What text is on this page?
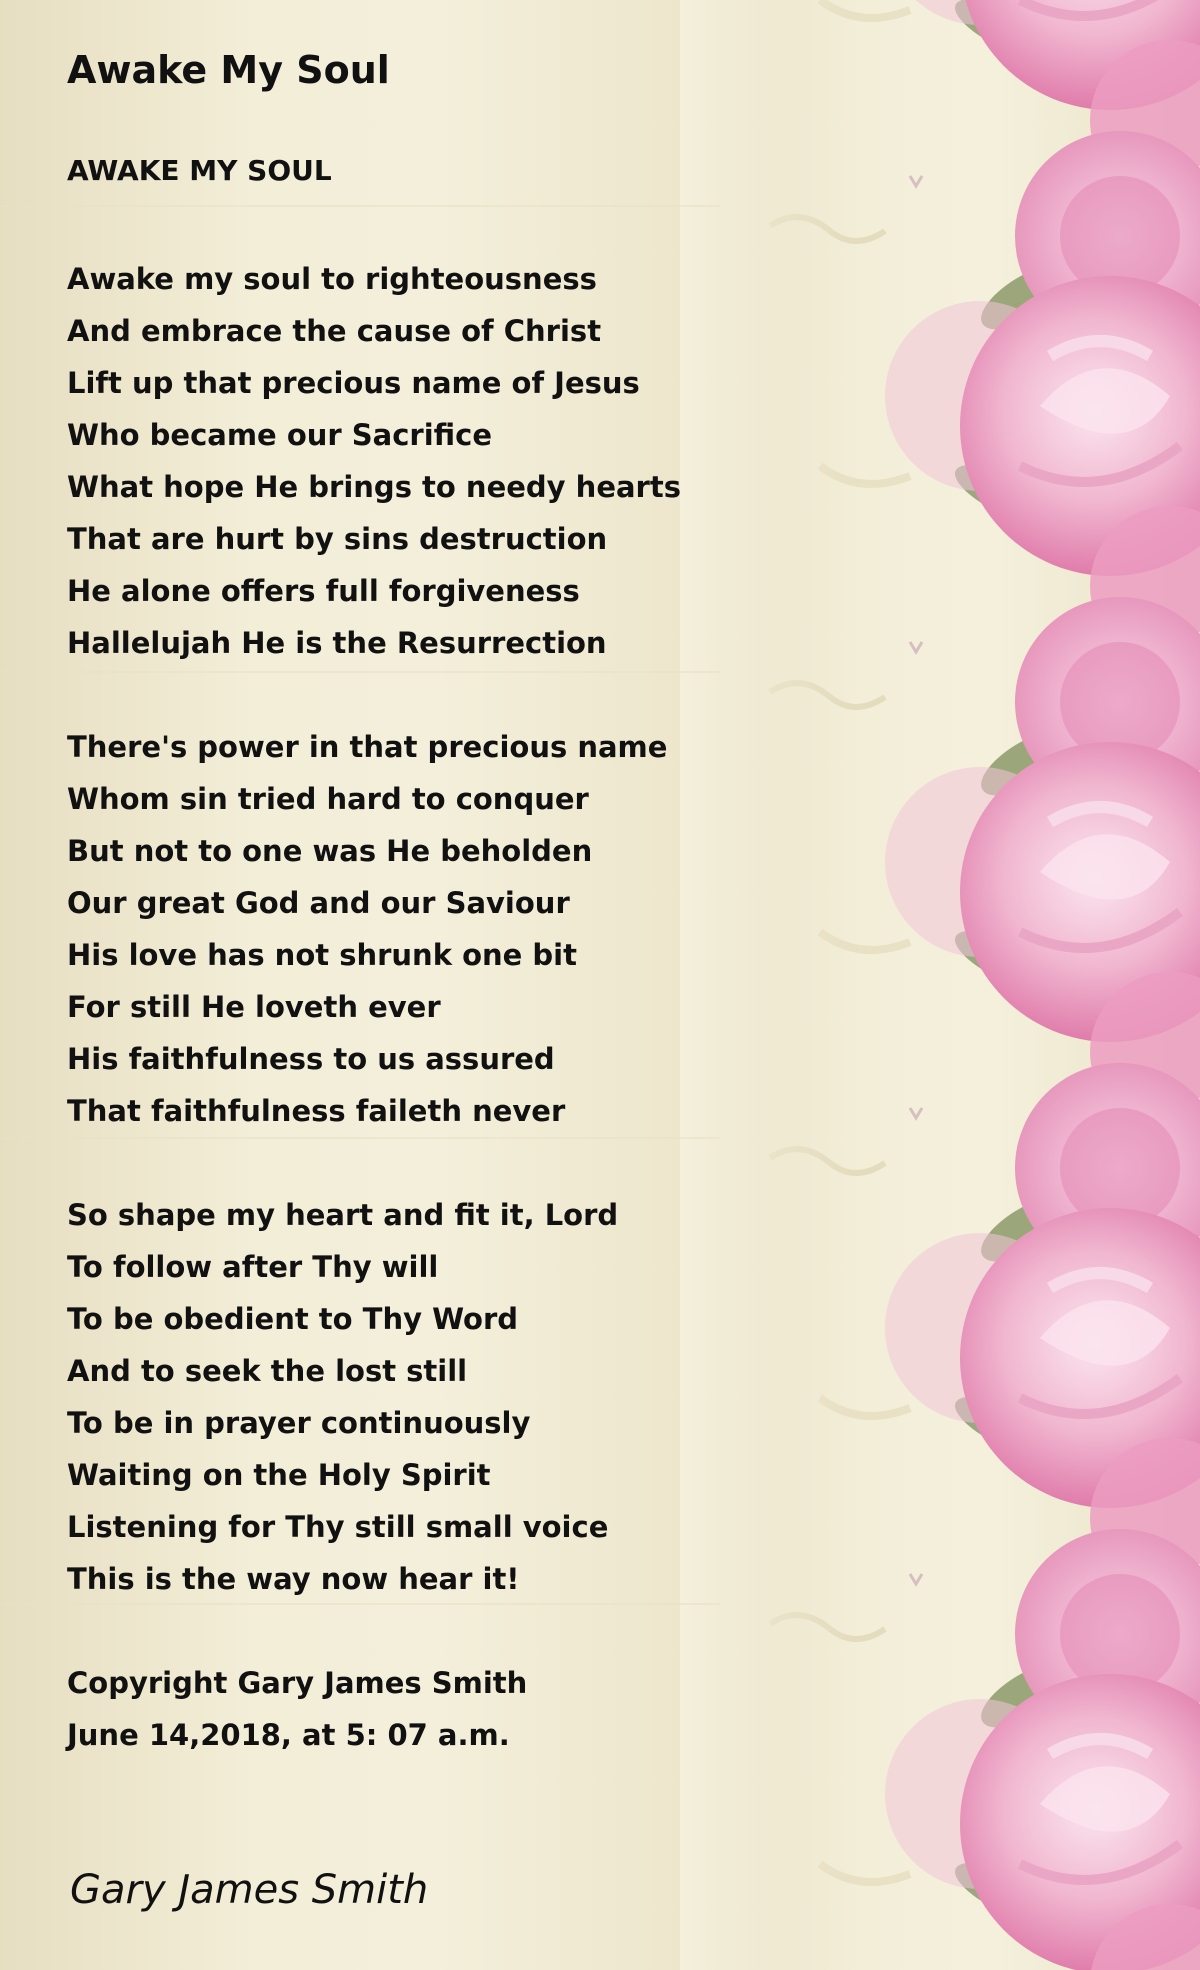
Awake My Soul
AWAKE MY SOUL
Awake my soul to righteousness
And embrace the cause of Christ
Lift up that precious name of Jesus
Who became our Sacrifice
What hope He brings to needy hearts
That are hurt by sins destruction
He alone offers full forgiveness
Hallelujah He is the Resurrection
There's power in that precious name
Whom sin tried hard to conquer
But not to one was He beholden
Our great God and our Saviour
His love has not shrunk one bit
For still He loveth ever
His faithfulness to us assured
That faithfulness faileth never
So shape my heart and fit it, Lord
To follow after Thy will
To be obedient to Thy Word
And to seek the lost still
To be in prayer continuously
Waiting on the Holy Spirit
Listening for Thy still small voice
This is the way now hear it!
Copyright Gary James Smith
June 14,2018, at 5: 07 a.m.

Gary James Smith
